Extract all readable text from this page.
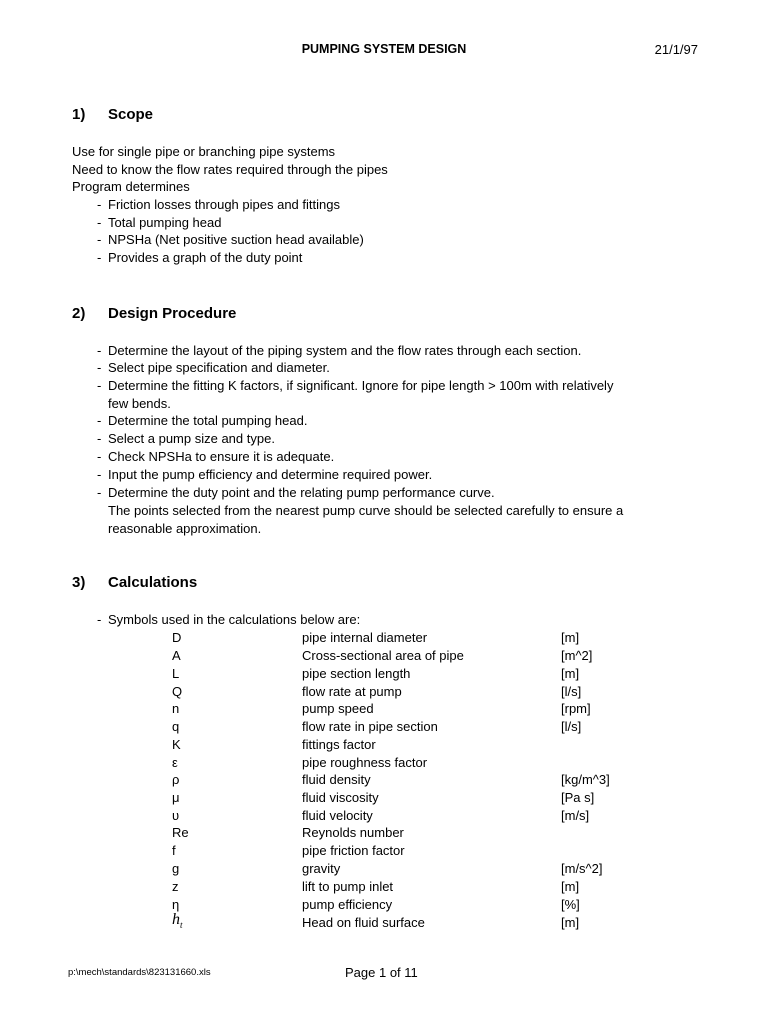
PUMPING SYSTEM DESIGN	21/1/97
1) Scope
Use for single pipe or branching pipe systems
Need to know the flow rates required through the pipes
Program determines
- Friction losses through pipes and fittings
- Total pumping head
- NPSHa (Net positive suction head available)
- Provides a graph of the duty point
2) Design Procedure
- Determine the layout of the piping system and the flow rates through each section.
- Select pipe specification and diameter.
- Determine the fitting K factors, if significant. Ignore for pipe length > 100m with relatively
few bends.
- Determine the total pumping head.
- Select a pump size and type.
- Check NPSHa to ensure it is adequate.
- Input the pump efficiency and determine required power.
- Determine the duty point and the relating pump performance curve.
The points selected from the nearest pump curve should be selected carefully to ensure a
reasonable approximation.
3) Calculations
- Symbols used in the calculations below are:
D	pipe internal diameter	[m]
A	Cross-sectional area of pipe	[m^2]
L	pipe section length	[m]
Q	flow rate at pump	[l/s]
n	pump speed	[rpm]
q	flow rate in pipe section	[l/s]
K	fittings factor
ε	pipe roughness factor
ρ	fluid density	[kg/m^3]
μ	fluid viscosity	[Pa s]
υ	fluid velocity	[m/s]
Re	Reynolds number
f	pipe friction factor
g	gravity	[m/s^2]
z	lift to pump inlet	[m]
η	pump efficiency	[%]
$h_t$	Head on fluid surface	[m]
p:\mech\standards\823131660.xls	Page 1 of 11
